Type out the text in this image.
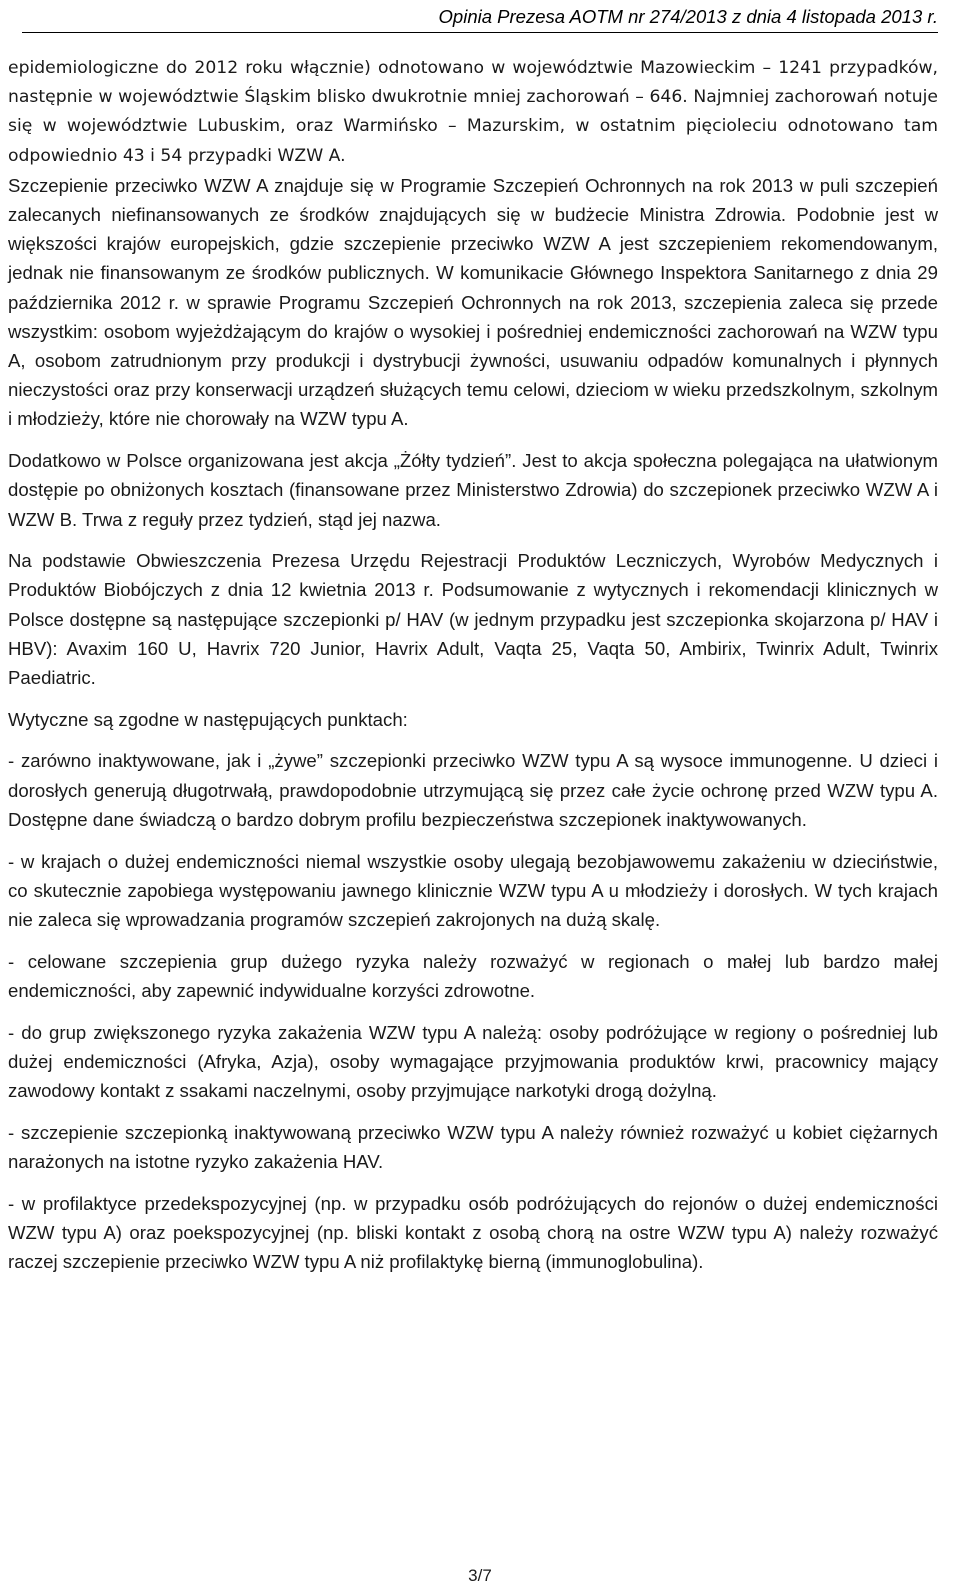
Opinia Prezesa AOTM nr 274/2013 z dnia 4 listopada 2013 r.

epidemiologiczne do 2012 roku włącznie) odnotowano w województwie Mazowieckim – 1241 przypadków, następnie w województwie Śląskim blisko dwukrotnie mniej zachorowań – 646. Najmniej zachorowań notuje się w województwie Lubuskim, oraz Warmińsko – Mazurskim, w ostatnim pięcioleciu odnotowano tam odpowiednio 43 i 54 przypadki WZW A.

Szczepienie przeciwko WZW A znajduje się w Programie Szczepień Ochronnych na rok 2013 w puli szczepień zalecanych niefinansowanych ze środków znajdujących się w budżecie Ministra Zdrowia. Podobnie jest w większości krajów europejskich, gdzie szczepienie przeciwko WZW A jest szczepieniem rekomendowanym, jednak nie finansowanym ze środków publicznych. W komunikacie Głównego Inspektora Sanitarnego z dnia 29 października 2012 r. w sprawie Programu Szczepień Ochronnych na rok 2013, szczepienia zaleca się przede wszystkim: osobom wyjeżdżającym do krajów o wysokiej i pośredniej endemiczności zachorowań na WZW typu A, osobom zatrudnionym przy produkcji i dystrybucji żywności, usuwaniu odpadów komunalnych i płynnych nieczystości oraz przy konserwacji urządzeń służących temu celowi, dzieciom w wieku przedszkolnym, szkolnym i młodzieży, które nie chorowały na WZW typu A.

Dodatkowo w Polsce organizowana jest akcja „Żółty tydzień”. Jest to akcja społeczna polegająca na ułatwionym dostępie po obniżonych kosztach (finansowane przez Ministerstwo Zdrowia) do szczepionek przeciwko WZW A i WZW B. Trwa z reguły przez tydzień, stąd jej nazwa.

Na podstawie Obwieszczenia Prezesa Urzędu Rejestracji Produktów Leczniczych, Wyrobów Medycznych i Produktów Biobójczych z dnia 12 kwietnia 2013 r. Podsumowanie z wytycznych i rekomendacji klinicznych w Polsce dostępne są następujące szczepionki p/ HAV (w jednym przypadku jest szczepionka skojarzona p/ HAV i HBV): Avaxim 160 U, Havrix 720 Junior, Havrix Adult, Vaqta 25, Vaqta 50, Ambirix, Twinrix Adult, Twinrix Paediatric.

Wytyczne są zgodne w następujących punktach:

- zarówno inaktywowane, jak i „żywe” szczepionki przeciwko WZW typu A są wysoce immunogenne. U dzieci i dorosłych generują długotrwałą, prawdopodobnie utrzymującą się przez całe życie ochronę przed WZW typu A. Dostępne dane świadczą o bardzo dobrym profilu bezpieczeństwa szczepionek inaktywowanych.

- w krajach o dużej endemiczności niemal wszystkie osoby ulegają bezobjawowemu zakażeniu w dzieciństwie, co skutecznie zapobiega występowaniu jawnego klinicznie WZW typu A u młodzieży i dorosłych. W tych krajach nie zaleca się wprowadzania programów szczepień zakrojonych na dużą skalę.

- celowane szczepienia grup dużego ryzyka należy rozważyć w regionach o małej lub bardzo małej endemiczności, aby zapewnić indywidualne korzyści zdrowotne.

- do grup zwiększonego ryzyka zakażenia WZW typu A należą: osoby podróżujące w regiony o pośredniej lub dużej endemiczności (Afryka, Azja), osoby wymagające przyjmowania produktów krwi, pracownicy mający zawodowy kontakt z ssakami naczelnymi, osoby przyjmujące narkotyki drogą dożylną.

- szczepienie szczepionką inaktywowaną przeciwko WZW typu A należy również rozważyć u kobiet ciężarnych narażonych na istotne ryzyko zakażenia HAV.

- w profilaktyce przedekspozycyjnej (np. w przypadku osób podróżujących do rejonów o dużej endemiczności WZW typu A) oraz poekspozycyjnej (np. bliski kontakt z osobą chorą na ostre WZW typu A) należy rozważyć raczej szczepienie przeciwko WZW typu A niż profilaktykę bierną (immunoglobulina).

3/7
